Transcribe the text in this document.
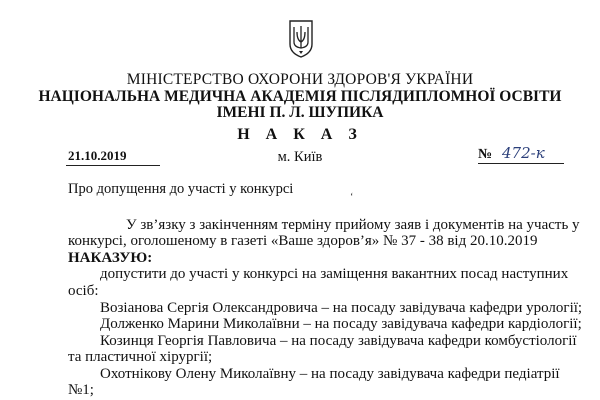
МІНІСТЕРСТВО ОХОРОНИ ЗДОРОВ'Я УКРАЇНИ
НАЦІОНАЛЬНА МЕДИЧНА АКАДЕМІЯ ПІСЛЯДИПЛОМНОЇ ОСВІТИ
ІМЕНІ П. Л. ШУПИКА
Н А К А З
21.10.2019	м. Київ	№ 472-к
Про допущення до участі у конкурсі
‘
У зв’язку з закінченням терміну прийому заяв і документів на участь у
конкурсі, оголошеному в газеті «Ваше здоров’я» № 37 - 38 від 20.10.2019
НАКАЗУЮ:
допустити до участі у конкурсі на заміщення вакантних посад наступних
осіб:
Возіанова Сергія Олександровича – на посаду завідувача кафедри урології;
Долженко Марини Миколаївни – на посаду завідувача кафедри кардіології;
Козинця Георгія Павловича – на посаду завідувача кафедри комбустіології
та пластичної хірургії;
Охотнікову Олену Миколаївну – на посаду завідувача кафедри педіатрії
№1;
